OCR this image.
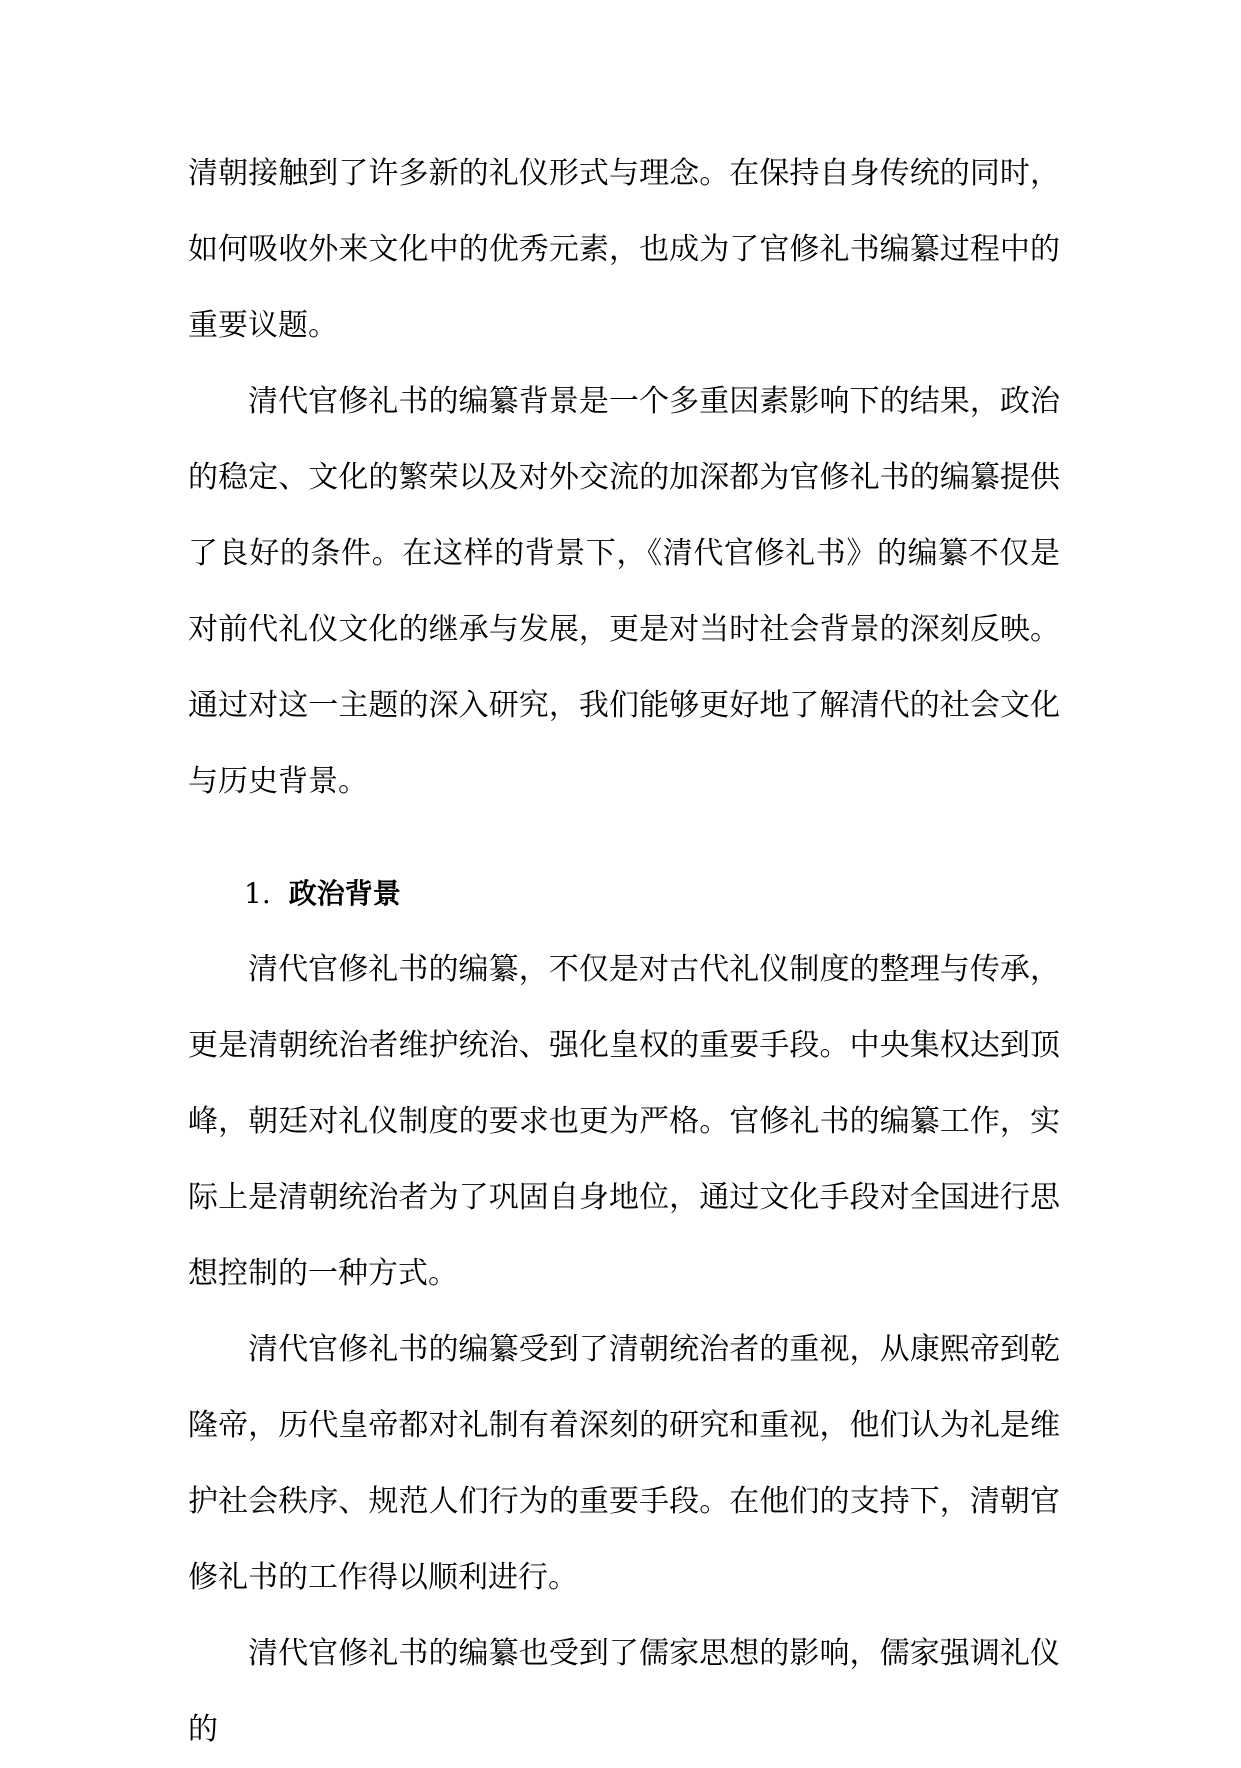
清朝接触到了许多新的礼仪形式与理念。在保持自身传统的同时，如何吸收外来文化中的优秀元素，也成为了官修礼书编纂过程中的重要议题。

清代官修礼书的编纂背景是一个多重因素影响下的结果，政治的稳定、文化的繁荣以及对外交流的加深都为官修礼书的编纂提供了良好的条件。在这样的背景下，《清代官修礼书》的编纂不仅是对前代礼仪文化的继承与发展，更是对当时社会背景的深刻反映。通过对这一主题的深入研究，我们能够更好地了解清代的社会文化与历史背景。

1. 政治背景

清代官修礼书的编纂，不仅是对古代礼仪制度的整理与传承，更是清朝统治者维护统治、强化皇权的重要手段。中央集权达到顶峰，朝廷对礼仪制度的要求也更为严格。官修礼书的编纂工作，实际上是清朝统治者为了巩固自身地位，通过文化手段对全国进行思想控制的一种方式。

清代官修礼书的编纂受到了清朝统治者的重视，从康熙帝到乾隆帝，历代皇帝都对礼制有着深刻的研究和重视，他们认为礼是维护社会秩序、规范人们行为的重要手段。在他们的支持下，清朝官修礼书的工作得以顺利进行。

清代官修礼书的编纂也受到了儒家思想的影响，儒家强调礼仪的
